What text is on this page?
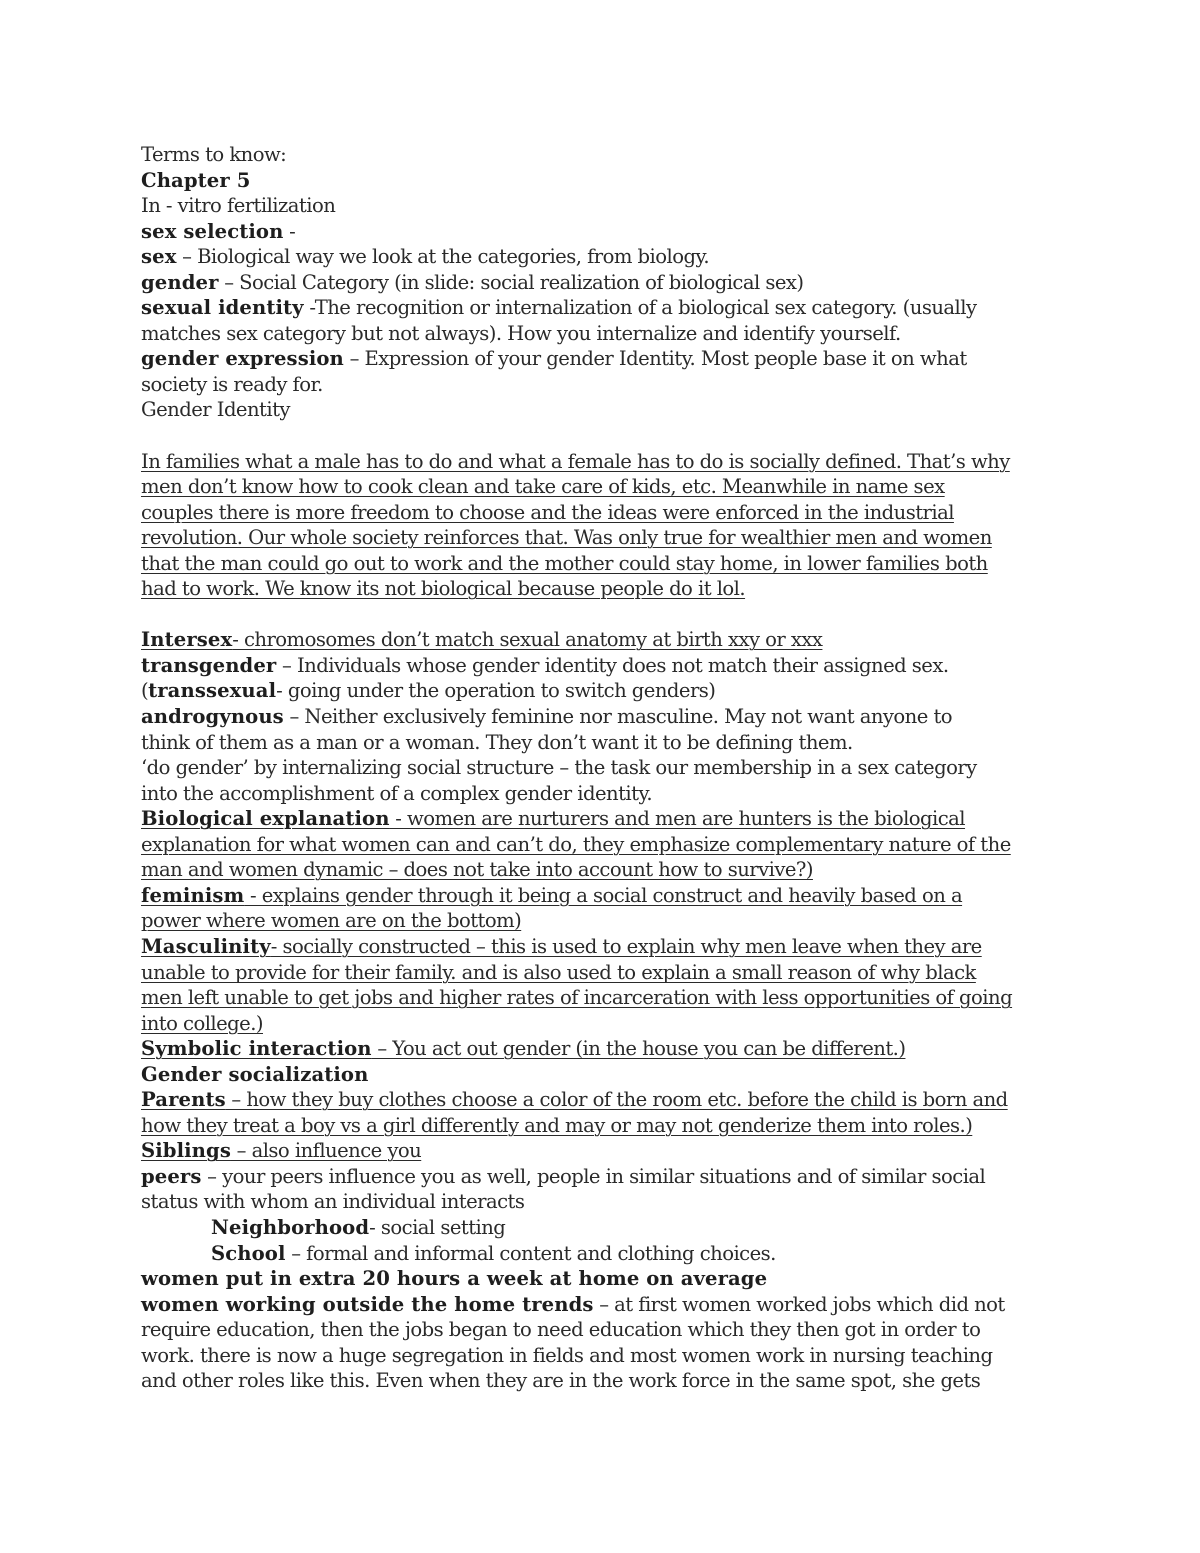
Terms to know:
Chapter 5
In - vitro fertilization
sex selection -
sex – Biological way we look at the categories, from biology.
gender – Social Category (in slide: social realization of biological sex)
sexual identity -The recognition or internalization of a biological sex category. (usually
matches sex category but not always). How you internalize and identify yourself.
gender expression – Expression of your gender Identity. Most people base it on what
society is ready for.
Gender Identity
In families what a male has to do and what a female has to do is socially defined. That’s why
men don’t know how to cook clean and take care of kids, etc. Meanwhile in name sex
couples there is more freedom to choose and the ideas were enforced in the industrial
revolution. Our whole society reinforces that. Was only true for wealthier men and women
that the man could go out to work and the mother could stay home, in lower families both
had to work. We know its not biological because people do it lol.
Intersex- chromosomes don’t match sexual anatomy at birth xxy or xxx
transgender – Individuals whose gender identity does not match their assigned sex.
(transsexual- going under the operation to switch genders)
androgynous – Neither exclusively feminine nor masculine. May not want anyone to
think of them as a man or a woman. They don’t want it to be defining them.
‘do gender’ by internalizing social structure – the task our membership in a sex category
into the accomplishment of a complex gender identity.
Biological explanation - women are nurturers and men are hunters is the biological
explanation for what women can and can’t do, they emphasize complementary nature of the
man and women dynamic – does not take into account how to survive?)
feminism - explains gender through it being a social construct and heavily based on a
power where women are on the bottom)
Masculinity- socially constructed – this is used to explain why men leave when they are
unable to provide for their family. and is also used to explain a small reason of why black
men left unable to get jobs and higher rates of incarceration with less opportunities of going
into college.)
Symbolic interaction – You act out gender (in the house you can be different.)
Gender socialization
Parents – how they buy clothes choose a color of the room etc. before the child is born and
how they treat a boy vs a girl differently and may or may not genderize them into roles.)
Siblings – also influence you
peers – your peers influence you as well, people in similar situations and of similar social
status with whom an individual interacts
Neighborhood- social setting
School – formal and informal content and clothing choices.
women put in extra 20 hours a week at home on average
women working outside the home trends – at first women worked jobs which did not
require education, then the jobs began to need education which they then got in order to
work. there is now a huge segregation in fields and most women work in nursing teaching
and other roles like this. Even when they are in the work force in the same spot, she gets
